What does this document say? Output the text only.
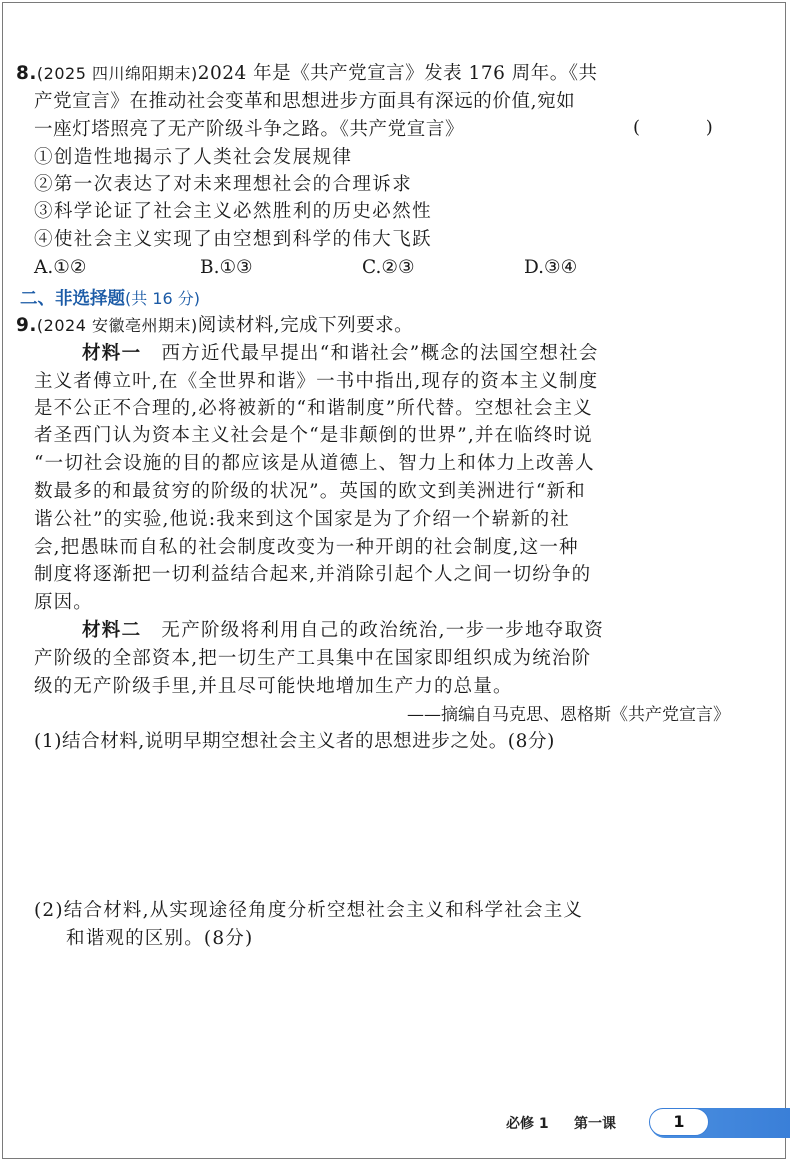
8.(2025 四川绵阳期末)2024 年是《共产党宣言》发表 176 周年。《共
产党宣言》在推动社会变革和思想进步方面具有深远的价值,宛如
一座灯塔照亮了无产阶级斗争之路。《共产党宣言》	( )
①创造性地揭示了人类社会发展规律
②第一次表达了对未来理想社会的合理诉求
③科学论证了社会主义必然胜利的历史必然性
④使社会主义实现了由空想到科学的伟大飞跃
A.①②	B.①③	C.②③	D.③④
二、非选择题(共 16 分)
9.(2024 安徽亳州期末)阅读材料,完成下列要求。
材料一 西方近代最早提出“和谐社会”概念的法国空想社会
主义者傅立叶,在《全世界和谐》一书中指出,现存的资本主义制度
是不公正不合理的,必将被新的“和谐制度”所代替。空想社会主义
者圣西门认为资本主义社会是个“是非颠倒的世界”,并在临终时说
“一切社会设施的目的都应该是从道德上、智力上和体力上改善人
数最多的和最贫穷的阶级的状况”。英国的欧文到美洲进行“新和
谐公社”的实验,他说:我来到这个国家是为了介绍一个崭新的社
会,把愚昧而自私的社会制度改变为一种开朗的社会制度,这一种
制度将逐渐把一切利益结合起来,并消除引起个人之间一切纷争的
原因。
材料二 无产阶级将利用自己的政治统治,一步一步地夺取资
产阶级的全部资本,把一切生产工具集中在国家即组织成为统治阶
级的无产阶级手里,并且尽可能快地增加生产力的总量。
——摘编自马克思、恩格斯《共产党宣言》
(1)结合材料,说明早期空想社会主义者的思想进步之处。(8分)
(2)结合材料,从实现途径角度分析空想社会主义和科学社会主义
和谐观的区别。(8分)
必修 1 第一课	1
